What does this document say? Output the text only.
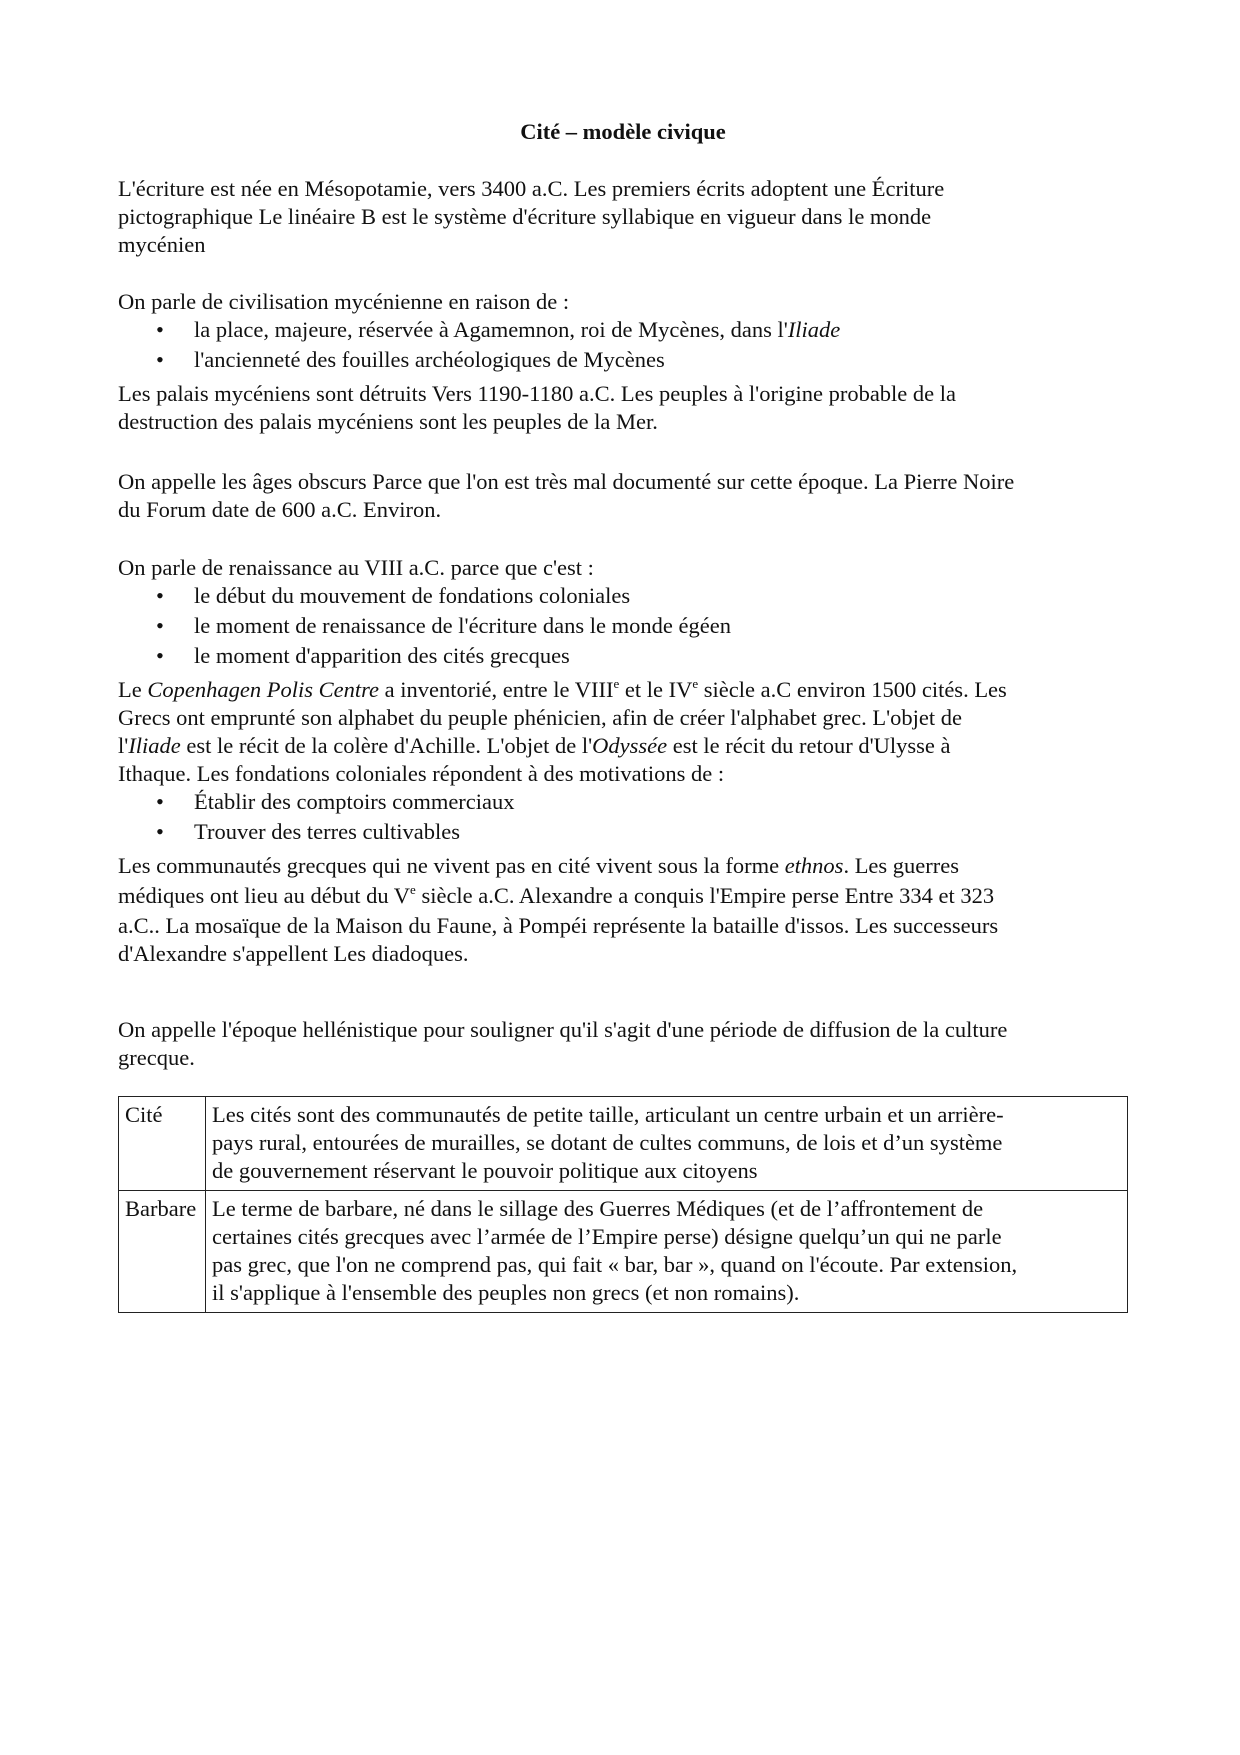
Cité – modèle civique

L'écriture est née en Mésopotamie, vers 3400 a.C. Les premiers écrits adoptent une Écriture

pictographique Le linéaire B est le système d'écriture syllabique en vigueur dans le monde

mycénien

On parle de civilisation mycénienne en raison de :

• la place, majeure, réservée à Agamemnon, roi de Mycènes, dans l'Iliade
• l'ancienneté des fouilles archéologiques de Mycènes

Les palais mycéniens sont détruits Vers 1190-1180 a.C. Les peuples à l'origine probable de la

destruction des palais mycéniens sont les peuples de la Mer.

On appelle les âges obscurs Parce que l'on est très mal documenté sur cette époque. La Pierre Noire

du Forum date de 600 a.C. Environ.

On parle de renaissance au VIII a.C. parce que c'est :

• le début du mouvement de fondations coloniales
• le moment de renaissance de l'écriture dans le monde égéen
• le moment d'apparition des cités grecques

Le Copenhagen Polis Centre a inventorié, entre le VIIIe et le IVe siècle a.C environ 1500 cités. Les

Grecs ont emprunté son alphabet du peuple phénicien, afin de créer l'alphabet grec. L'objet de

l'Iliade est le récit de la colère d'Achille. L'objet de l'Odyssée est le récit du retour d'Ulysse à

Ithaque. Les fondations coloniales répondent à des motivations de :

• Établir des comptoirs commerciaux
• Trouver des terres cultivables

Les communautés grecques qui ne vivent pas en cité vivent sous la forme ethnos. Les guerres

médiques ont lieu au début du Ve siècle a.C. Alexandre a conquis l'Empire perse Entre 334 et 323

a.C.. La mosaïque de la Maison du Faune, à Pompéi représente la bataille d'issos. Les successeurs

d'Alexandre s'appellent Les diadoques.

On appelle l'époque hellénistique pour souligner qu'il s'agit d'une période de diffusion de la culture

grecque.

Cité	Les cités sont des communautés de petite taille, articulant un centre urbain et un arrière-
pays rural, entourées de murailles, se dotant de cultes communs, de lois et d’un système
de gouvernement réservant le pouvoir politique aux citoyens

Barbare	Le terme de barbare, né dans le sillage des Guerres Médiques (et de l’affrontement de
certaines cités grecques avec l’armée de l’Empire perse) désigne quelqu’un qui ne parle
pas grec, que l'on ne comprend pas, qui fait « bar, bar », quand on l'écoute. Par extension,
il s'applique à l'ensemble des peuples non grecs (et non romains).
